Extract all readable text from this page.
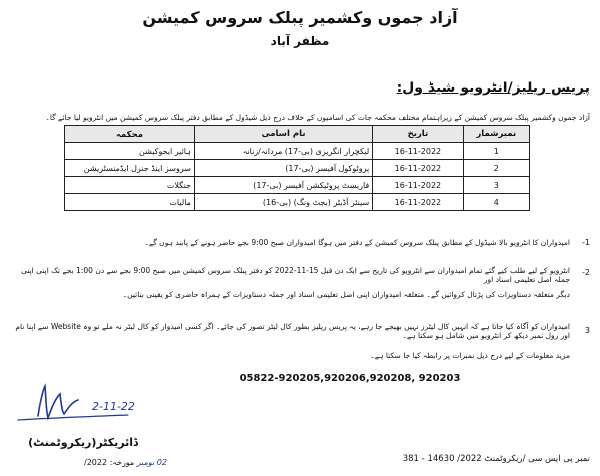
آزاد جموں وکشمیر پبلک سروس کمیشن
مظفر آباد
پریس ریلیز/انٹرویو شیڈ ول:
آزاد جموں وکشمیر پبلک سروس کمیشن کے زیراہتمام مختلف محکمہ جات کی اسامیوں کے خلاف درج ذیل شیڈول کے مطابق دفتر پبلک سروس کمیشن میں انٹرویو لیا جائے گا۔
نمبرشمار	تاریخ	نام اسامی	محکمہ
1	16-11-2022	لیکچرار انگریزی (بی-17) مردانہ/زنانہ	ہائیر ایجوکیشن
2	16-11-2022	پروٹوکول آفیسر (بی-17)	سروسز اینڈ جنرل ایڈمنسٹریشن
3	16-11-2022	فاریسٹ پروٹیکشن آفیسر (بی-17)	جنگلات
4	16-11-2022	سینئر آڈیٹر (بجٹ ونگ) (بی-16)	مالیات
-1
امیدواران کا انٹرویو بالا شیڈول کے مطابق پبلک سروس کمیشن کے دفتر میں ہوگا امیدواران صبح 9:00 بجے حاضر ہونے کے پابند ہوں گے۔
-2
انٹرویو کے لیے طلب کیے گئے تمام امیدواران سے انٹرویو کی تاریخ سے ایک دن قبل 15-11-2022 کو دفتر پبلک سروس کمیشن میں صبح 9:00 بجے سے دن 1:00 بجے تک اپنی اپنی جملہ اصل تعلیمی اسناد اور
دیگر متعلقہ دستاویزات کی پڑتال کروائیں گے۔ متعلقہ امیدواران اپنی اصل تعلیمی اسناد اور جملہ دستاویزات کے ہمراہ حاضری کو یقینی بنائیں۔
3
امیدواران کو آگاہ کیا جاتا ہے کہ انہیں کال لیٹرز نہیں بھیجے جا رہے، یہ پریس ریلیز بطور کال لیٹر تصور کی جائے۔ اگر کسی امیدوار کو کال لیٹر نہ ملے تو وہ Website سے اپنا نام اور رول نمبر دیکھ کر انٹرویو میں شامل ہو سکتا ہے۔
مزید معلومات کے لیے درج ذیل نمبرات پر رابطہ کیا جا سکتا ہے۔
05822-920205,920206,920208, 920203
2-11-22
ڈائریکٹر(ریکروٹمنٹ)
/2022	02 نومبر مورخہ:	نمبر پی ایس سی /ریکروٹمنٹ 2022/ 14630 - 381
